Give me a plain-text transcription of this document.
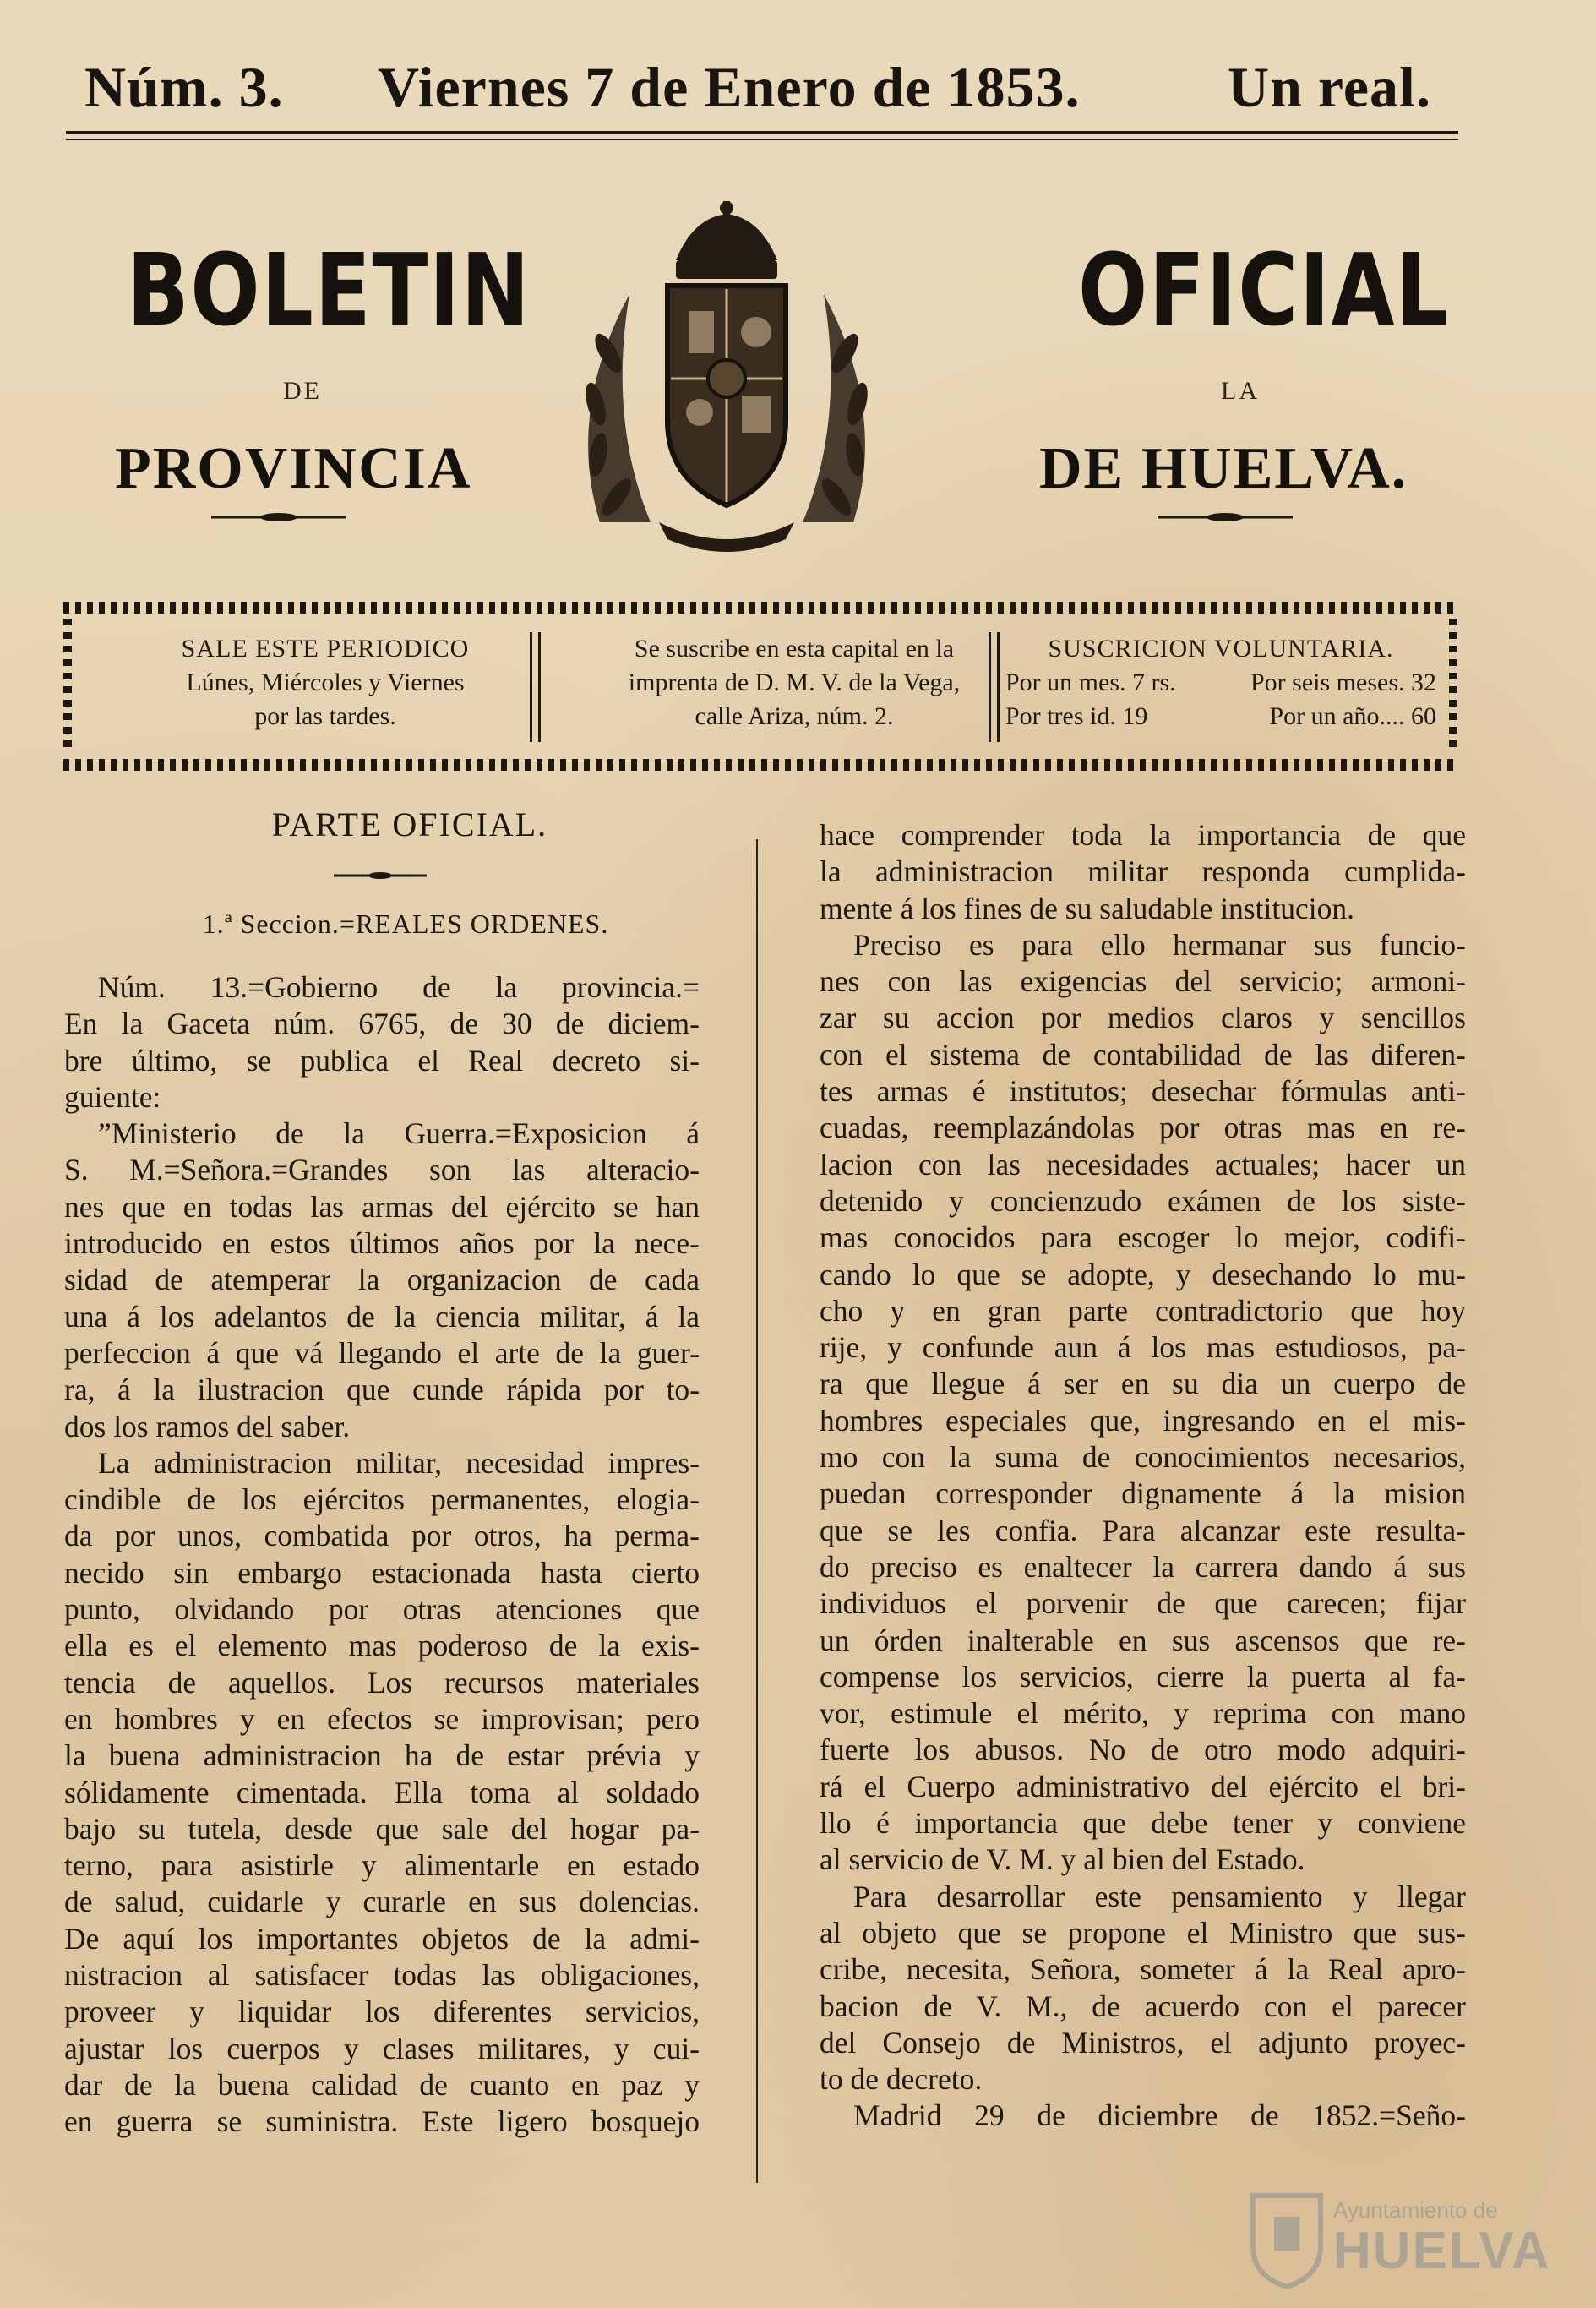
Núm. 3. Viernes 7 de Enero de 1853.	Un real.
BOLETIN	OFICIAL
DE	LA
PROVINCIA	DE HUELVA.
SALE ESTE PERIODICO
Lúnes, Miércoles y Viernes
por las tardes.
Se suscribe en esta capital en la
imprenta de D. M. V. de la Vega,
calle Ariza, núm. 2.
SUSCRICION VOLUNTARIA.
Por un mes. 7 rs.	Por seis meses. 32
Por tres id. 19	Por un año.... 60
PARTE OFICIAL.
1.ª Seccion.=REALES ORDENES.
Núm. 13.=Gobierno de la provincia.=
En la Gaceta núm. 6765, de 30 de diciem-
bre último, se publica el Real decreto si-
guiente:
”Ministerio de la Guerra.=Exposicion á
S. M.=Señora.=Grandes son las alteracio-
nes que en todas las armas del ejército se han
introducido en estos últimos años por la nece-
sidad de atemperar la organizacion de cada
una á los adelantos de la ciencia militar, á la
perfeccion á que vá llegando el arte de la guer-
ra, á la ilustracion que cunde rápida por to-
dos los ramos del saber.
La administracion militar, necesidad impres-
cindible de los ejércitos permanentes, elogia-
da por unos, combatida por otros, ha perma-
necido sin embargo estacionada hasta cierto
punto, olvidando por otras atenciones que
ella es el elemento mas poderoso de la exis-
tencia de aquellos. Los recursos materiales
en hombres y en efectos se improvisan; pero
la buena administracion ha de estar prévia y
sólidamente cimentada. Ella toma al soldado
bajo su tutela, desde que sale del hogar pa-
terno, para asistirle y alimentarle en estado
de salud, cuidarle y curarle en sus dolencias.
De aquí los importantes objetos de la admi-
nistracion al satisfacer todas las obligaciones,
proveer y liquidar los diferentes servicios,
ajustar los cuerpos y clases militares, y cui-
dar de la buena calidad de cuanto en paz y
en guerra se suministra. Este ligero bosquejo
hace comprender toda la importancia de que
la administracion militar responda cumplida-
mente á los fines de su saludable institucion.
Preciso es para ello hermanar sus funcio-
nes con las exigencias del servicio; armoni-
zar su accion por medios claros y sencillos
con el sistema de contabilidad de las diferen-
tes armas é institutos; desechar fórmulas anti-
cuadas, reemplazándolas por otras mas en re-
lacion con las necesidades actuales; hacer un
detenido y concienzudo exámen de los siste-
mas conocidos para escoger lo mejor, codifi-
cando lo que se adopte, y desechando lo mu-
cho y en gran parte contradictorio que hoy
rije, y confunde aun á los mas estudiosos, pa-
ra que llegue á ser en su dia un cuerpo de
hombres especiales que, ingresando en el mis-
mo con la suma de conocimientos necesarios,
puedan corresponder dignamente á la mision
que se les confia. Para alcanzar este resulta-
do preciso es enaltecer la carrera dando á sus
individuos el porvenir de que carecen; fijar
un órden inalterable en sus ascensos que re-
compense los servicios, cierre la puerta al fa-
vor, estimule el mérito, y reprima con mano
fuerte los abusos. No de otro modo adquiri-
rá el Cuerpo administrativo del ejército el bri-
llo é importancia que debe tener y conviene
al servicio de V. M. y al bien del Estado.
Para desarrollar este pensamiento y llegar
al objeto que se propone el Ministro que sus-
cribe, necesita, Señora, someter á la Real apro-
bacion de V. M., de acuerdo con el parecer
del Consejo de Ministros, el adjunto proyec-
to de decreto.
Madrid 29 de diciembre de 1852.=Seño-
Ayuntamiento de
HUELVA
